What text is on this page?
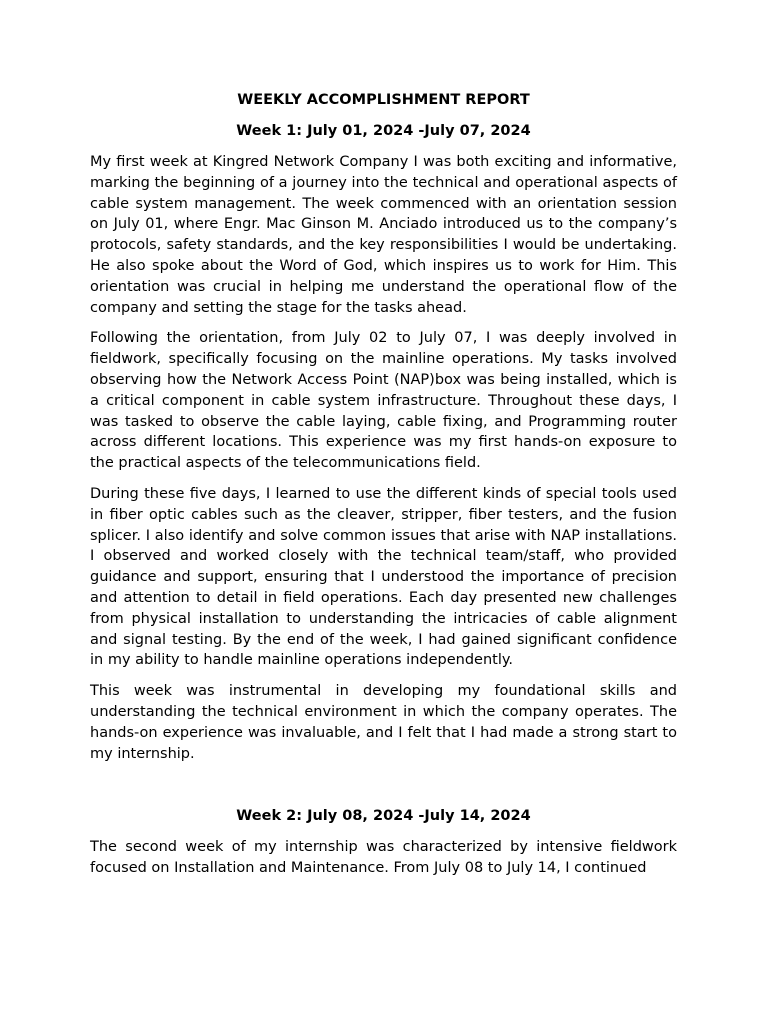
WEEKLY ACCOMPLISHMENT REPORT
Week 1: July 01, 2024 -July 07, 2024

My first week at Kingred Network Company I was both exciting and informative, marking the beginning of a journey into the technical and operational aspects of cable system management. The week commenced with an orientation session on July 01, where Engr. Mac Ginson M. Anciado introduced us to the company’s protocols, safety standards, and the key responsibilities I would be undertaking. He also spoke about the Word of God, which inspires us to work for Him. This orientation was crucial in helping me understand the operational flow of the company and setting the stage for the tasks ahead.

Following the orientation, from July 02 to July 07, I was deeply involved in fieldwork, specifically focusing on the mainline operations. My tasks involved observing how the Network Access Point (NAP)box was being installed, which is a critical component in cable system infrastructure. Throughout these days, I was tasked to observe the cable laying, cable fixing, and Programming router across different locations. This experience was my first hands-on exposure to the practical aspects of the telecommunications field.

During these five days, I learned to use the different kinds of special tools used in fiber optic cables such as the cleaver, stripper, fiber testers, and the fusion splicer. I also identify and solve common issues that arise with NAP installations. I observed and worked closely with the technical team/staff, who provided guidance and support, ensuring that I understood the importance of precision and attention to detail in field operations. Each day presented new challenges from physical installation to understanding the intricacies of cable alignment and signal testing. By the end of the week, I had gained significant confidence in my ability to handle mainline operations independently.

This week was instrumental in developing my foundational skills and understanding the technical environment in which the company operates. The hands-on experience was invaluable, and I felt that I had made a strong start to my internship.

Week 2: July 08, 2024 -July 14, 2024

The second week of my internship was characterized by intensive fieldwork focused on Installation and Maintenance. From July 08 to July 14, I continued
